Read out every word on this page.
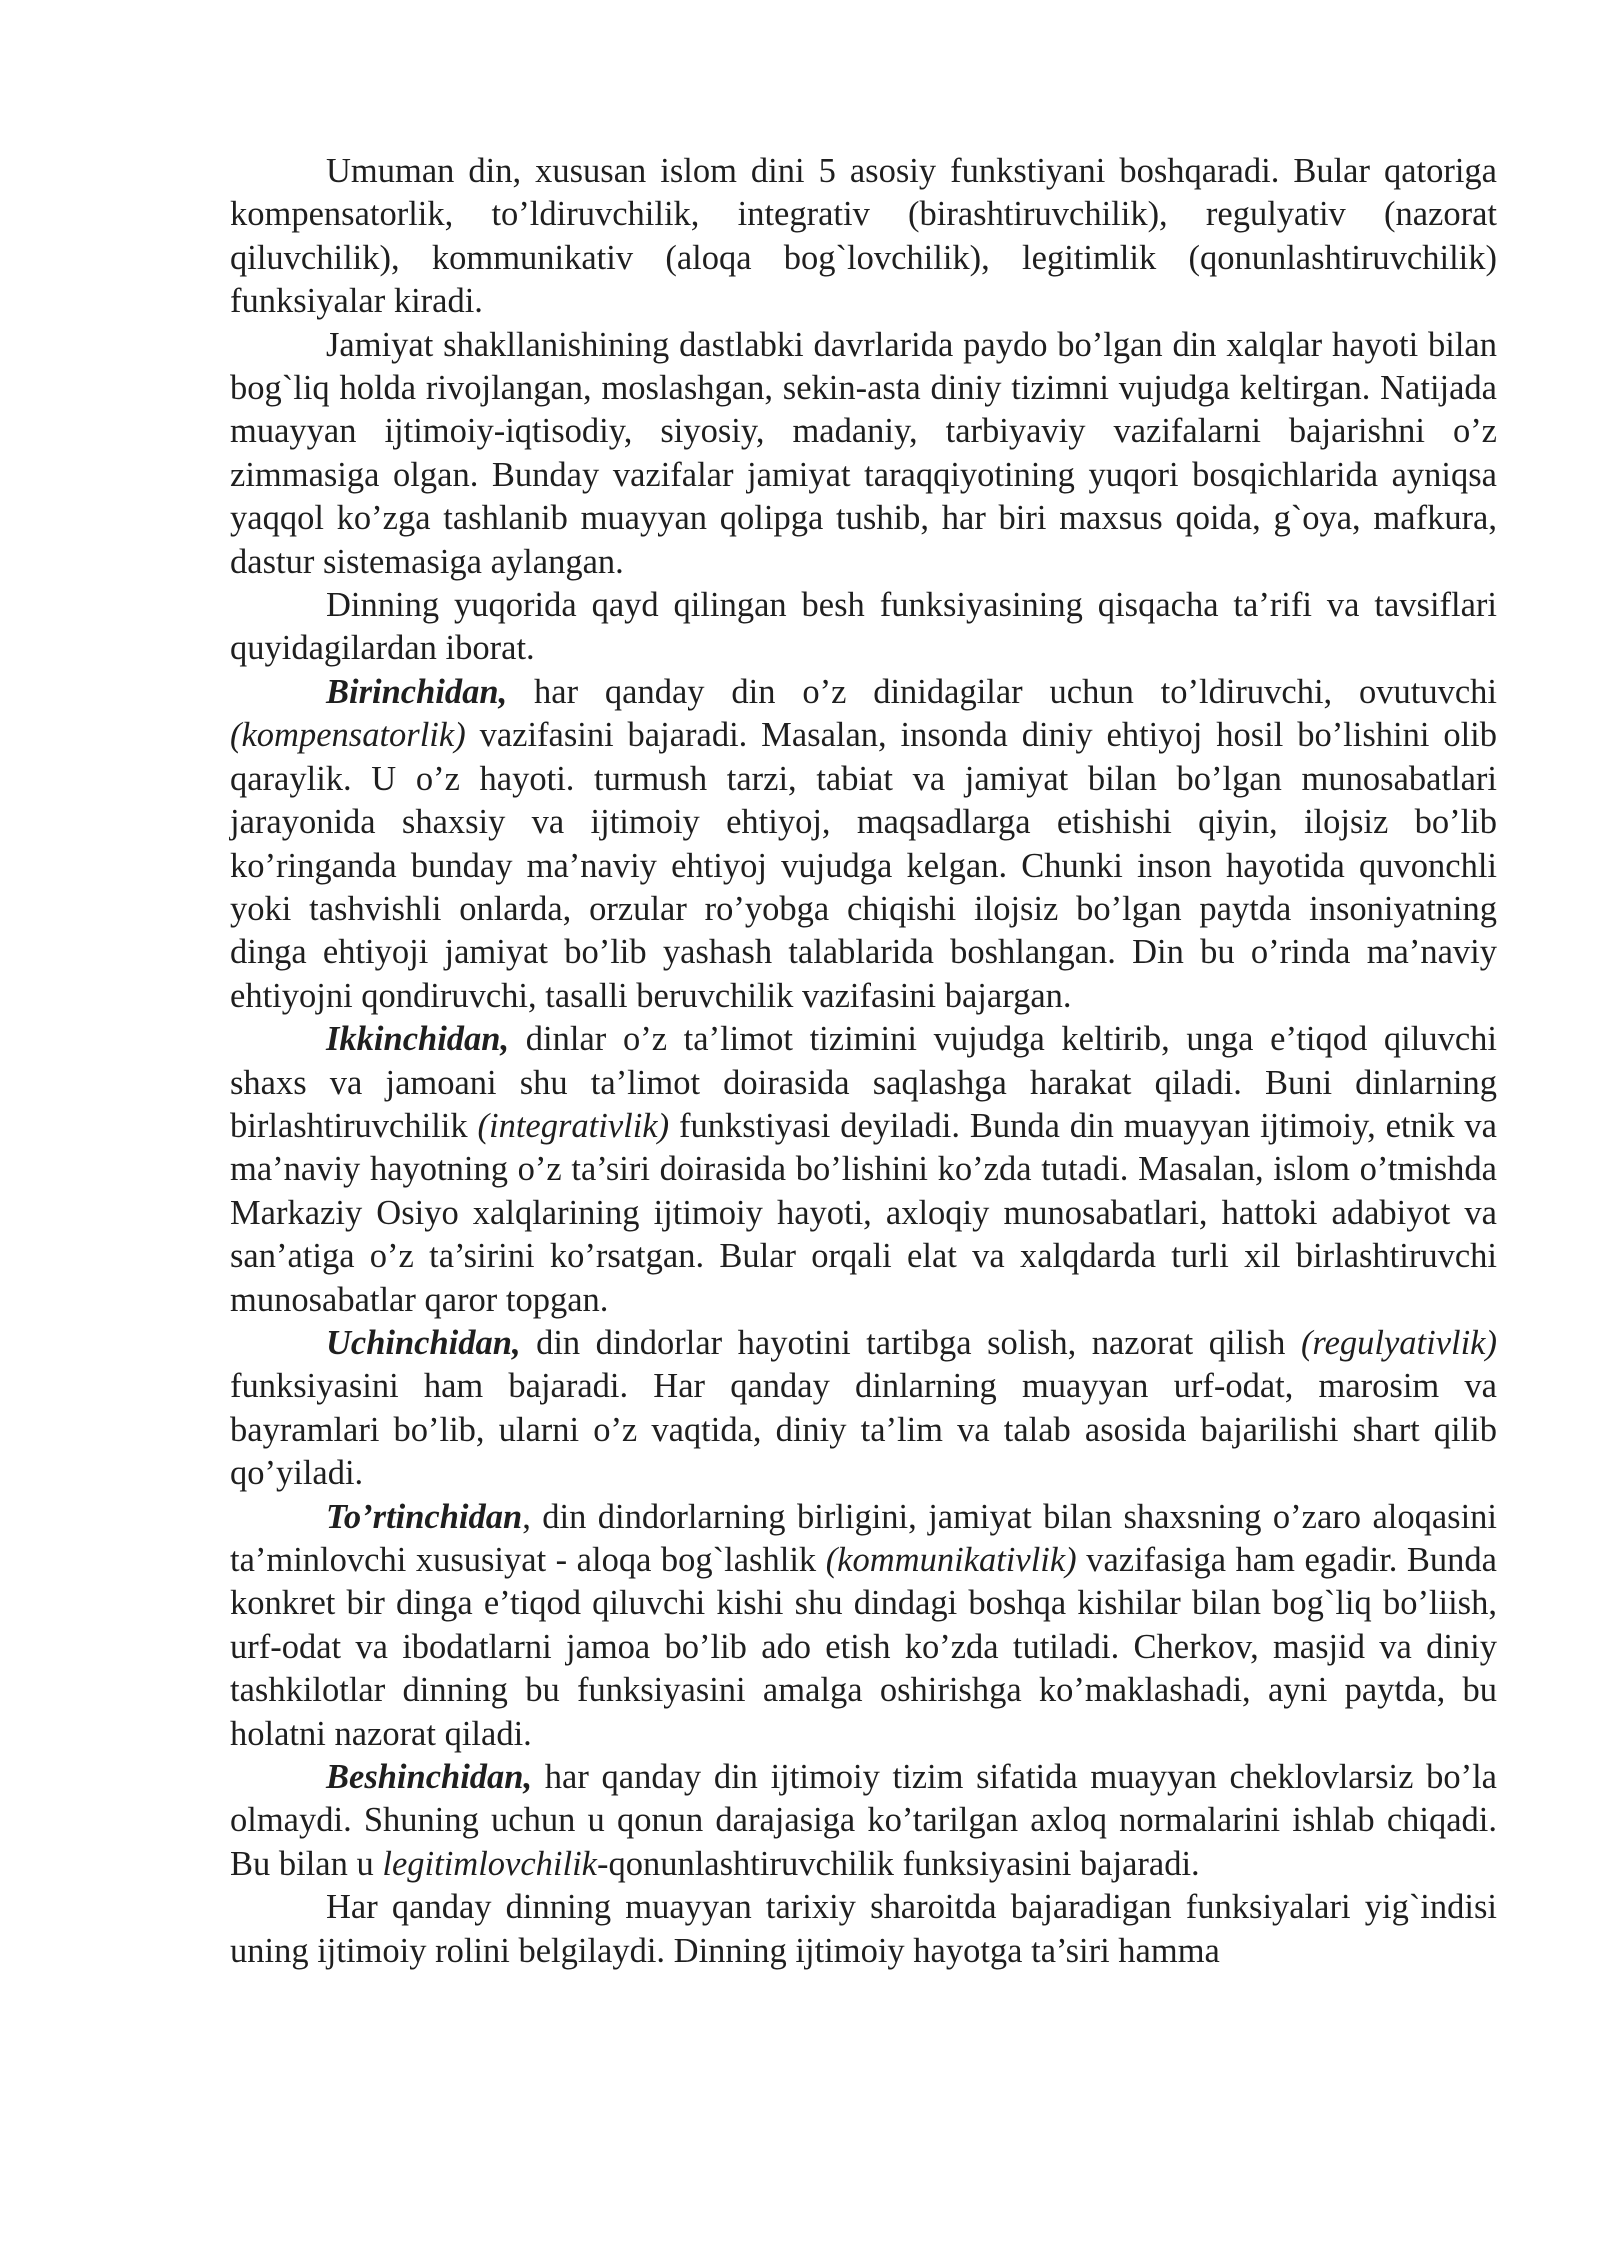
Umuman din, xususan islom dini 5 asosiy funkstiyani boshqaradi. Bular qatoriga kompensatorlik, to’ldiruvchilik, integrativ (birashtiruvchilik), regulyativ (nazorat qiluvchilik), kommunikativ (aloqa bog`lovchilik), legitimlik (qonunlashtiruvchilik) funksiyalar kiradi.

Jamiyat shakllanishining dastlabki davrlarida paydo bo’lgan din xalqlar hayoti bilan bog`liq holda rivojlangan, moslashgan, sekin-asta diniy tizimni vujudga keltirgan. Natijada muayyan ijtimoiy-iqtisodiy, siyosiy, madaniy, tarbiyaviy vazifalarni bajarishni o’z zimmasiga olgan. Bunday vazifalar jamiyat taraqqiyotining yuqori bosqichlarida ayniqsa yaqqol ko’zga tashlanib muayyan qolipga tushib, har biri maxsus qoida, g`oya, mafkura, dastur sistemasiga aylangan.

Dinning yuqorida qayd qilingan besh funksiyasining qisqacha ta’rifi va tavsiflari quyidagilardan iborat.

Birinchidan, har qanday din o’z dinidagilar uchun to’ldiruvchi, ovutuvchi (kompensatorlik) vazifasini bajaradi. Masalan, insonda diniy ehtiyoj hosil bo’lishini olib qaraylik. U o’z hayoti. turmush tarzi, tabiat va jamiyat bilan bo’lgan munosabatlari jarayonida shaxsiy va ijtimoiy ehtiyoj, maqsadlarga etishishi qiyin, ilojsiz bo’lib ko’ringanda bunday ma’naviy ehtiyoj vujudga kelgan. Chunki inson hayotida quvonchli yoki tashvishli onlarda, orzular ro’yobga chiqishi ilojsiz bo’lgan paytda insoniyatning dinga ehtiyoji jamiyat bo’lib yashash talablarida boshlangan. Din bu o’rinda ma’naviy ehtiyojni qondiruvchi, tasalli beruvchilik vazifasini bajargan.

Ikkinchidan, dinlar o’z ta’limot tizimini vujudga keltirib, unga e’tiqod qiluvchi shaxs va jamoani shu ta’limot doirasida saqlashga harakat qiladi. Buni dinlarning birlashtiruvchilik (integrativlik) funkstiyasi deyiladi. Bunda din muayyan ijtimoiy, etnik va ma’naviy hayotning o’z ta’siri doirasida bo’lishini ko’zda tutadi. Masalan, islom o’tmishda Markaziy Osiyo xalqlarining ijtimoiy hayoti, axloqiy munosabatlari, hattoki adabiyot va san’atiga o’z ta’sirini ko’rsatgan. Bular orqali elat va xalqdarda turli xil birlashtiruvchi munosabatlar qaror topgan.

Uchinchidan, din dindorlar hayotini tartibga solish, nazorat qilish (regulyativlik) funksiyasini ham bajaradi. Har qanday dinlarning muayyan urf-odat, marosim va bayramlari bo’lib, ularni o’z vaqtida, diniy ta’lim va talab asosida bajarilishi shart qilib qo’yiladi.

To’rtinchidan, din dindorlarning birligini, jamiyat bilan shaxsning o’zaro aloqasini ta’minlovchi xususiyat - aloqa bog`lashlik (kommunikativlik) vazifasiga ham egadir. Bunda konkret bir dinga e’tiqod qiluvchi kishi shu dindagi boshqa kishilar bilan bog`liq bo’liish, urf-odat va ibodatlarni jamoa bo’lib ado etish ko’zda tutiladi. Cherkov, masjid va diniy tashkilotlar dinning bu funksiyasini amalga oshirishga ko’maklashadi, ayni paytda, bu holatni nazorat qiladi.

Beshinchidan, har qanday din ijtimoiy tizim sifatida muayyan cheklovlarsiz bo’la olmaydi. Shuning uchun u qonun darajasiga ko’tarilgan axloq normalarini ishlab chiqadi. Bu bilan u legitimlovchilik-qonunlashtiruvchilik funksiyasini bajaradi.

Har qanday dinning muayyan tarixiy sharoitda bajaradigan funksiyalari yig`indisi uning ijtimoiy rolini belgilaydi. Dinning ijtimoiy hayotga ta’siri hamma
